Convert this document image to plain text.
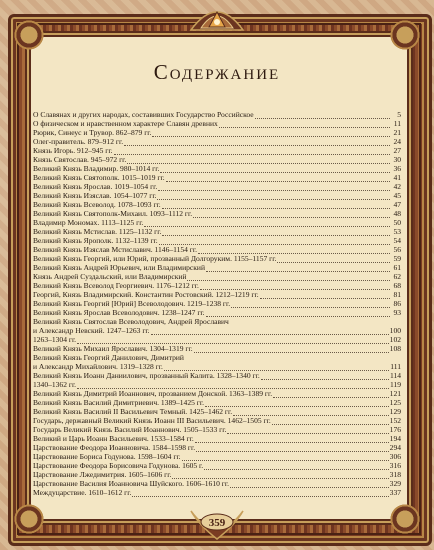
Содержание
О Славянах и других народах, составивших Государство Российское	5
О физическом и нравственном характере Славян древних	11
Рюрик, Синеус и Трувор. 862–879 гг.	21
Олег-правитель. 879–912 гг.	24
Князь Игорь. 912–945 гг.	27
Князь Святослав. 945–972 гг.	30
Великий Князь Владимир. 980–1014 гг.	36
Великий Князь Святополк. 1015–1019 гг.	41
Великий Князь Ярослав. 1019–1054 гг.	42
Великий Князь Изяслав. 1054–1077 гг.	45
Великий Князь Всеволод. 1078–1093 гг.	47
Великий Князь Святополк-Михаил. 1093–1112 гг.	48
Владимир Мономах. 1113–1125 гг.	50
Великий Князь Мстислав. 1125–1132 гг.	53
Великий Князь Ярополк. 1132–1139 гг.	54
Великий Князь Изяслав Мстиславич. 1146–1154 гг.	56
Великий Князь Георгий, или Юрий, прозванный Долгоруким. 1155–1157 гг.	59
Великий Князь Андрей Юрьевич, или Владимирский	61
Князь Андрей Суздальский, или Владимирский	62
Великий Князь Всеволод Георгиевич. 1176–1212 гг.	68
Георгий, Князь Владимирский. Константин Ростовский. 1212–1219 гг.	81
Великий Князь Георгий [Юрий] Всеволодович. 1219–1238 гг.	86
Великий Князь Ярослав Всеволодович. 1238–1247 гг.	93
Великий Князь Святослав Всеволодович, Андрей Ярославич
и Александр Невский. 1247–1263 гг.	100
1263–1304 гг.	102
Великий Князь Михаил Ярославич. 1304–1319 гг.	108
Великий Князь Георгий Данилович, Димитрий
и Александр Михайлович. 1319–1328 гг.	111
Великий Князь Иоанн Даниилович, прозванный Калита. 1328–1340 гг.	114
1340–1362 гг.	119
Великий Князь Димитрий Иоаннович, прозванием Донской. 1363–1389 гг.	121
Великий Князь Василий Димитриевич. 1389–1425 гг.	125
Великий Князь Василий II Васильевич Темный. 1425–1462 гг.	129
Государь, державный Великий Князь Иоанн III Васильевич. 1462–1505 гг.	152
Государь Великий Князь Василий Иоаннович. 1505–1533 гг.	176
Великий и Царь Иоанн Васильевич. 1533–1584 гг.	194
Царствование Феодора Иоанновича. 1584–1598 гг.	294
Царствование Бориса Годунова. 1598–1604 гг.	306
Царствование Феодора Борисовича Годунова. 1605 г.	316
Царствование Лжедимитрия. 1605–1606 гг.	318
Царствование Василия Иоанновича Шуйского. 1606–1610 гг.	329
Междуцарствие. 1610–1612 гг.	337
359
